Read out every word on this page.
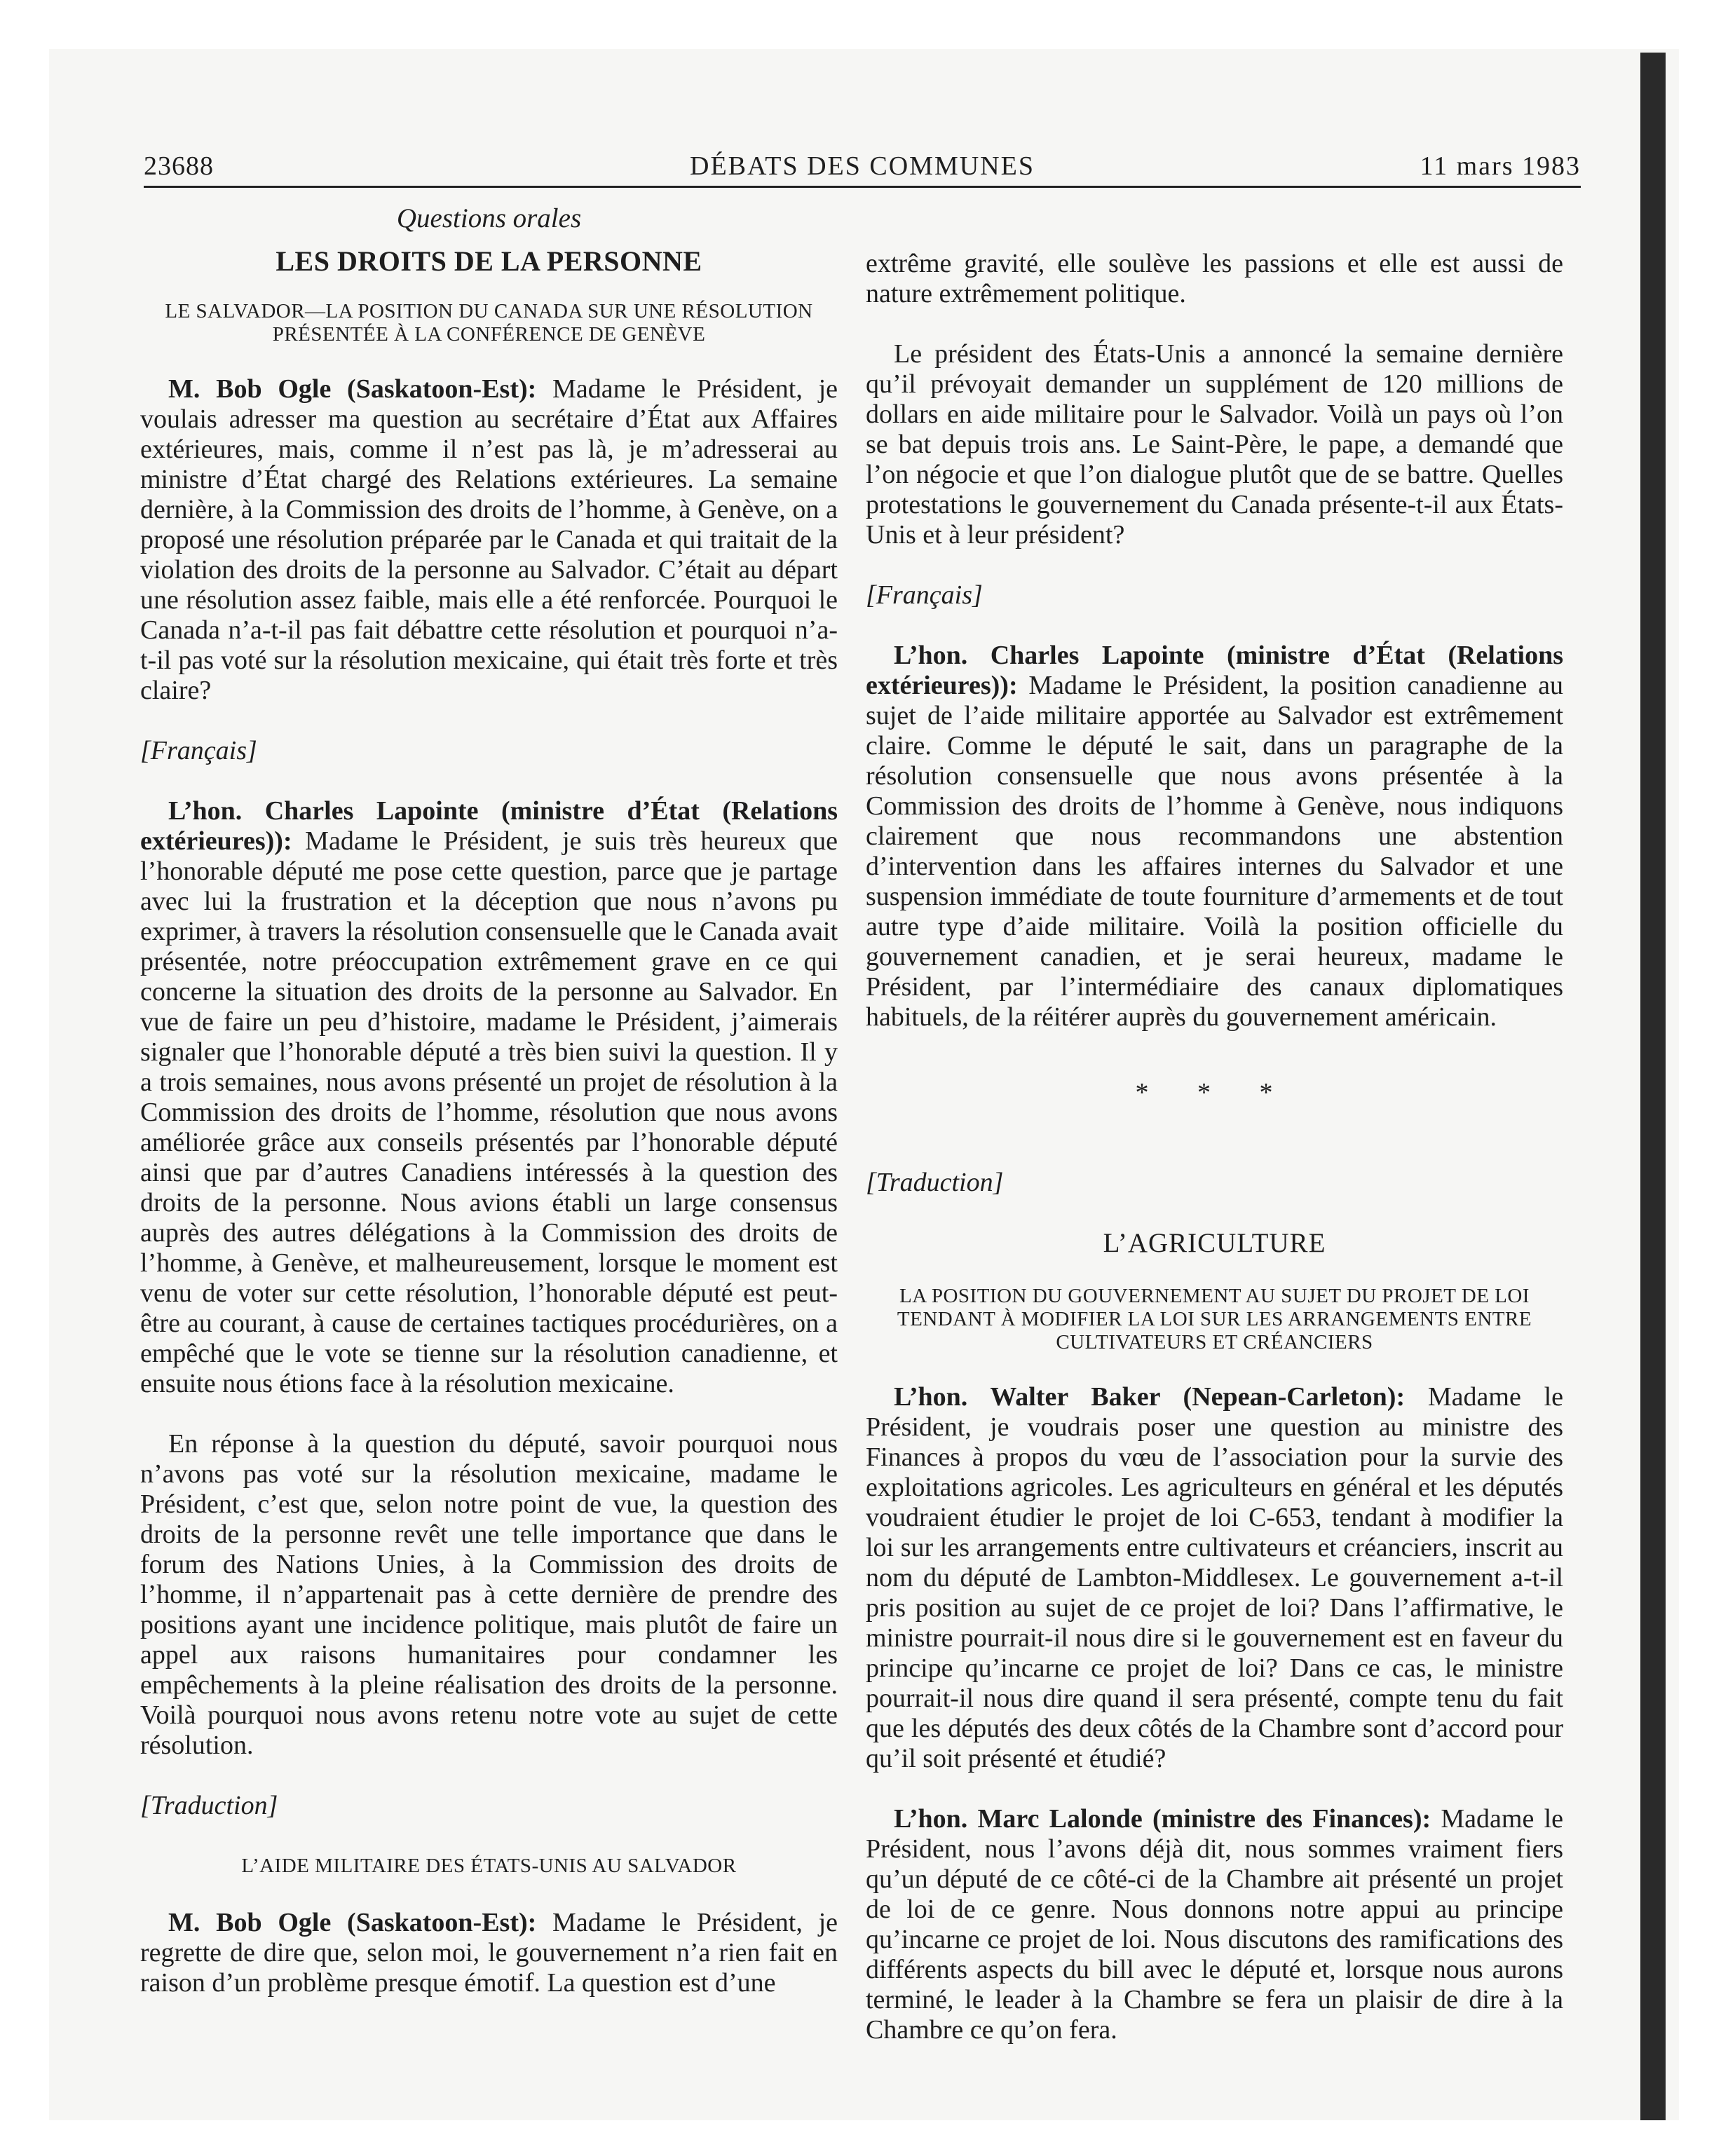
23688	DÉBATS DES COMMUNES	11 mars 1983

Questions orales

LES DROITS DE LA PERSONNE

LE SALVADOR—LA POSITION DU CANADA SUR UNE RÉSOLUTION PRÉSENTÉE À LA CONFÉRENCE DE GENÈVE

M. Bob Ogle (Saskatoon-Est): Madame le Président, je voulais adresser ma question au secrétaire d’État aux Affaires extérieures, mais, comme il n’est pas là, je m’adresserai au ministre d’État chargé des Relations extérieures. La semaine dernière, à la Commission des droits de l’homme, à Genève, on a proposé une résolution préparée par le Canada et qui traitait de la violation des droits de la personne au Salvador. C’était au départ une résolution assez faible, mais elle a été renforcée. Pourquoi le Canada n’a-t-il pas fait débattre cette résolution et pourquoi n’a-t-il pas voté sur la résolution mexicaine, qui était très forte et très claire?

[Français]

L’hon. Charles Lapointe (ministre d’État (Relations extérieures)): Madame le Président, je suis très heureux que l’honorable député me pose cette question, parce que je partage avec lui la frustration et la déception que nous n’avons pu exprimer, à travers la résolution consensuelle que le Canada avait présentée, notre préoccupation extrêmement grave en ce qui concerne la situation des droits de la personne au Salvador. En vue de faire un peu d’histoire, madame le Président, j’aimerais signaler que l’honorable député a très bien suivi la question. Il y a trois semaines, nous avons présenté un projet de résolution à la Commission des droits de l’homme, résolution que nous avons améliorée grâce aux conseils présentés par l’honorable député ainsi que par d’autres Canadiens intéressés à la question des droits de la personne. Nous avions établi un large consensus auprès des autres délégations à la Commission des droits de l’homme, à Genève, et malheureusement, lorsque le moment est venu de voter sur cette résolution, l’honorable député est peut-être au courant, à cause de certaines tactiques procédurières, on a empêché que le vote se tienne sur la résolution canadienne, et ensuite nous étions face à la résolution mexicaine.

En réponse à la question du député, savoir pourquoi nous n’avons pas voté sur la résolution mexicaine, madame le Président, c’est que, selon notre point de vue, la question des droits de la personne revêt une telle importance que dans le forum des Nations Unies, à la Commission des droits de l’homme, il n’appartenait pas à cette dernière de prendre des positions ayant une incidence politique, mais plutôt de faire un appel aux raisons humanitaires pour condamner les empêchements à la pleine réalisation des droits de la personne. Voilà pourquoi nous avons retenu notre vote au sujet de cette résolution.

[Traduction]

L’AIDE MILITAIRE DES ÉTATS-UNIS AU SALVADOR

M. Bob Ogle (Saskatoon-Est): Madame le Président, je regrette de dire que, selon moi, le gouvernement n’a rien fait en raison d’un problème presque émotif. La question est d’une

extrême gravité, elle soulève les passions et elle est aussi de nature extrêmement politique.

Le président des États-Unis a annoncé la semaine dernière qu’il prévoyait demander un supplément de 120 millions de dollars en aide militaire pour le Salvador. Voilà un pays où l’on se bat depuis trois ans. Le Saint-Père, le pape, a demandé que l’on négocie et que l’on dialogue plutôt que de se battre. Quelles protestations le gouvernement du Canada présente-t-il aux États-Unis et à leur président?

[Français]

L’hon. Charles Lapointe (ministre d’État (Relations extérieures)): Madame le Président, la position canadienne au sujet de l’aide militaire apportée au Salvador est extrêmement claire. Comme le député le sait, dans un paragraphe de la résolution consensuelle que nous avons présentée à la Commission des droits de l’homme à Genève, nous indiquons clairement que nous recommandons une abstention d’intervention dans les affaires internes du Salvador et une suspension immédiate de toute fourniture d’armements et de tout autre type d’aide militaire. Voilà la position officielle du gouvernement canadien, et je serai heureux, madame le Président, par l’intermédiaire des canaux diplomatiques habituels, de la réitérer auprès du gouvernement américain.

* * *

[Traduction]

L’AGRICULTURE

LA POSITION DU GOUVERNEMENT AU SUJET DU PROJET DE LOI TENDANT À MODIFIER LA LOI SUR LES ARRANGEMENTS ENTRE CULTIVATEURS ET CRÉANCIERS

L’hon. Walter Baker (Nepean-Carleton): Madame le Président, je voudrais poser une question au ministre des Finances à propos du vœu de l’association pour la survie des exploitations agricoles. Les agriculteurs en général et les députés voudraient étudier le projet de loi C-653, tendant à modifier la loi sur les arrangements entre cultivateurs et créanciers, inscrit au nom du député de Lambton-Middlesex. Le gouvernement a-t-il pris position au sujet de ce projet de loi? Dans l’affirmative, le ministre pourrait-il nous dire si le gouvernement est en faveur du principe qu’incarne ce projet de loi? Dans ce cas, le ministre pourrait-il nous dire quand il sera présenté, compte tenu du fait que les députés des deux côtés de la Chambre sont d’accord pour qu’il soit présenté et étudié?

L’hon. Marc Lalonde (ministre des Finances): Madame le Président, nous l’avons déjà dit, nous sommes vraiment fiers qu’un député de ce côté-ci de la Chambre ait présenté un projet de loi de ce genre. Nous donnons notre appui au principe qu’incarne ce projet de loi. Nous discutons des ramifications des différents aspects du bill avec le député et, lorsque nous aurons terminé, le leader à la Chambre se fera un plaisir de dire à la Chambre ce qu’on fera.
